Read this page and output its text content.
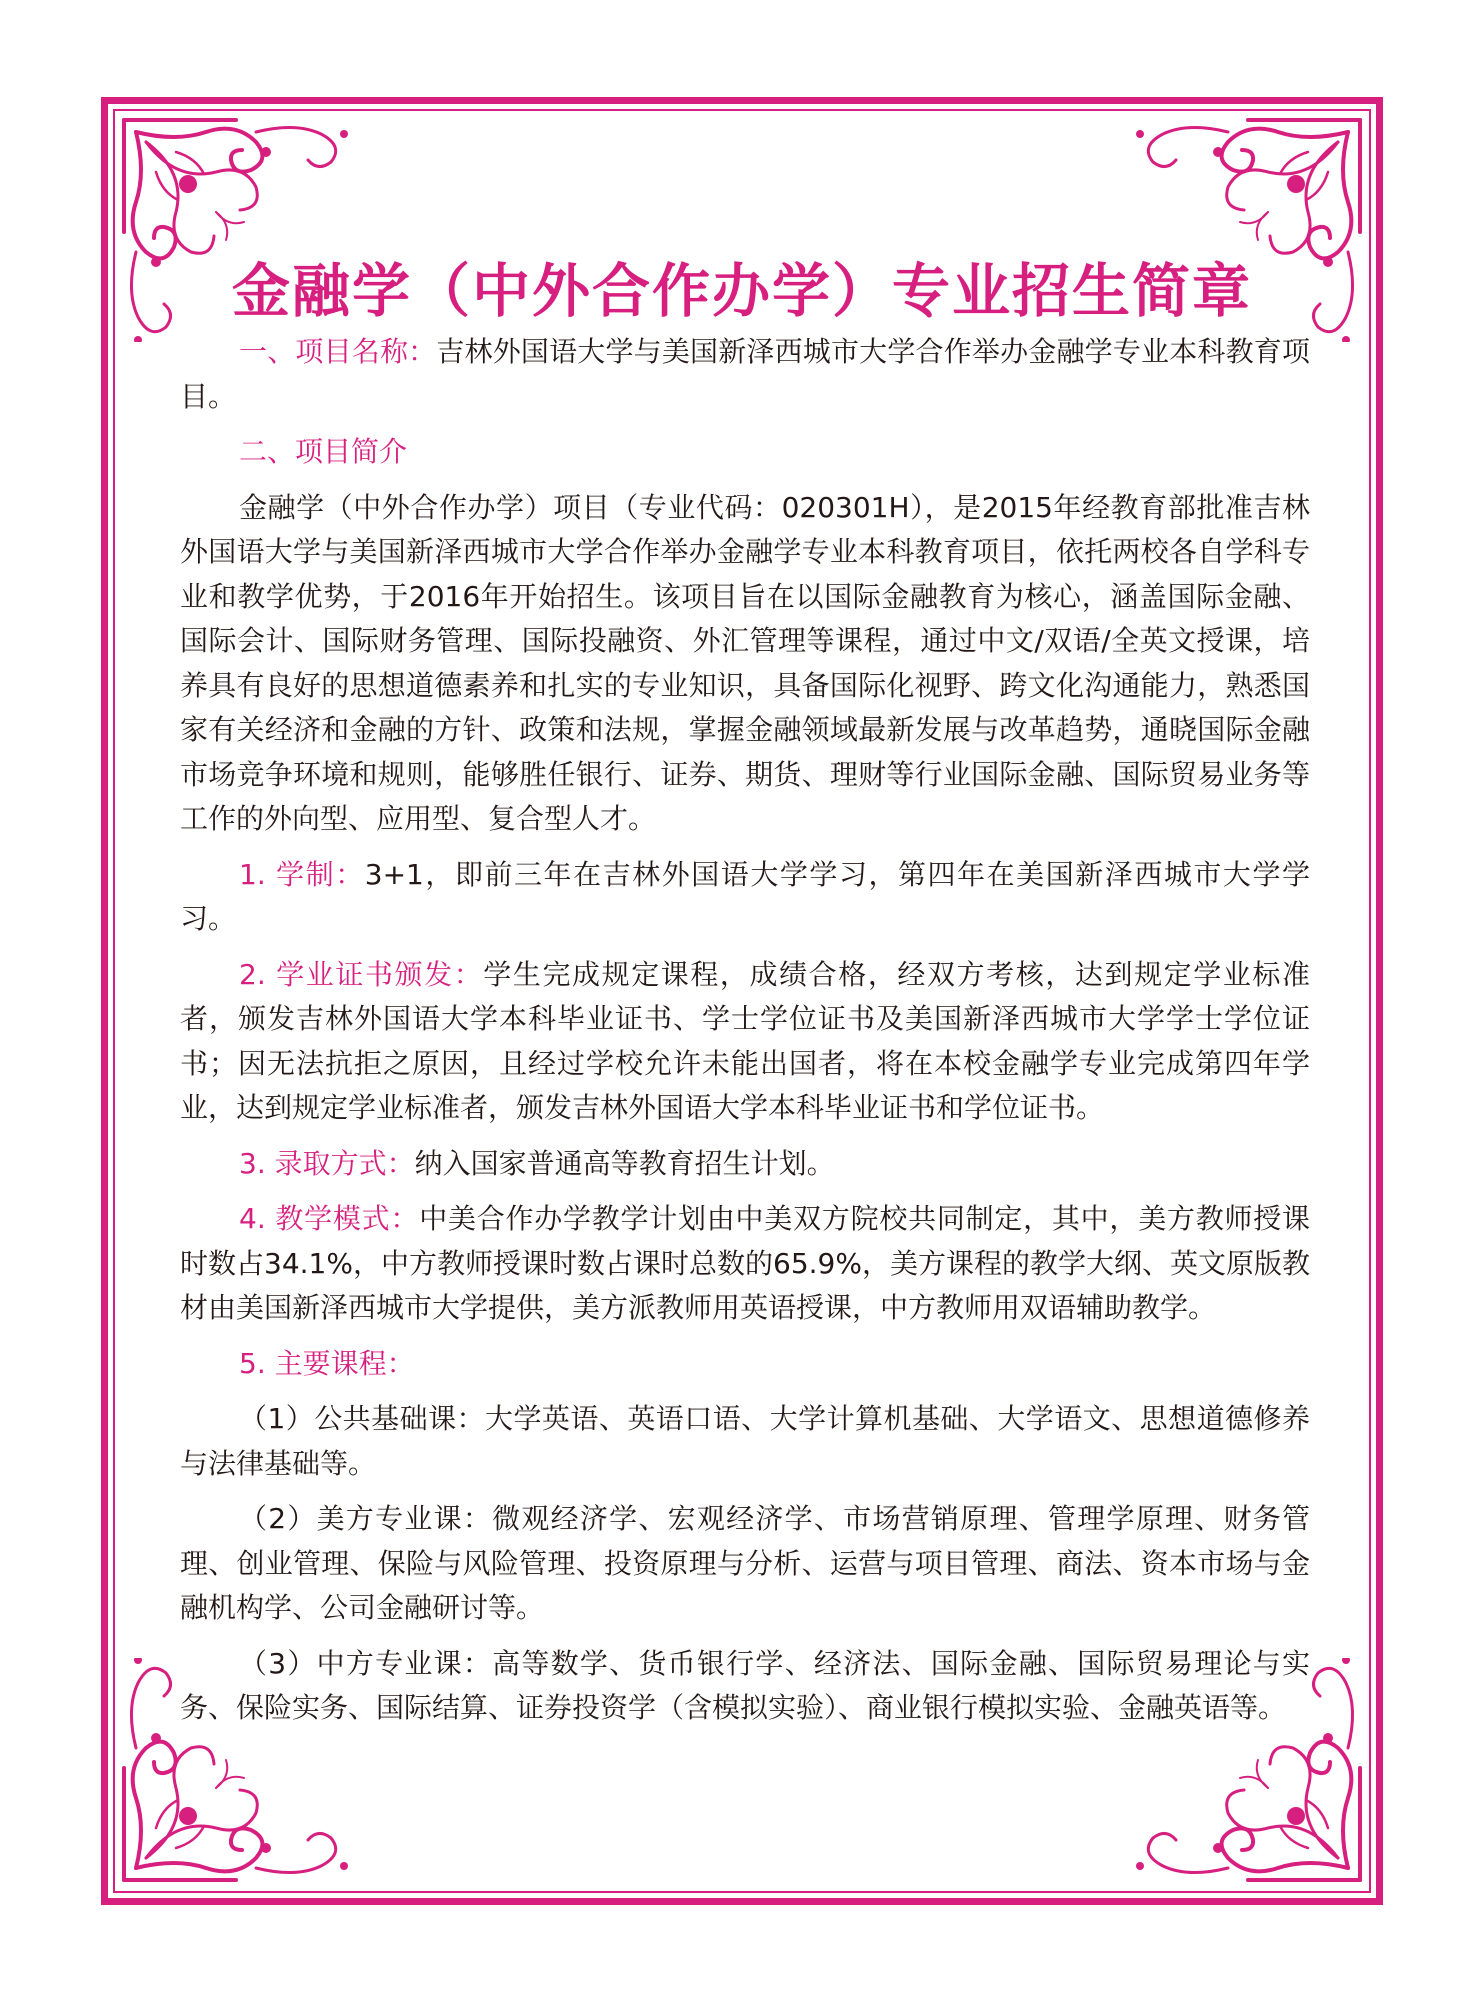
金融学（中外合作办学）专业招生简章

一、项目名称：吉林外国语大学与美国新泽西城市大学合作举办金融学专业本科教育项目。

二、项目简介

金融学（中外合作办学）项目（专业代码：020301H），是2015年经教育部批准吉林外国语大学与美国新泽西城市大学合作举办金融学专业本科教育项目，依托两校各自学科专业和教学优势，于2016年开始招生。该项目旨在以国际金融教育为核心，涵盖国际金融、国际会计、国际财务管理、国际投融资、外汇管理等课程，通过中文/双语/全英文授课，培养具有良好的思想道德素养和扎实的专业知识，具备国际化视野、跨文化沟通能力，熟悉国家有关经济和金融的方针、政策和法规，掌握金融领域最新发展与改革趋势，通晓国际金融市场竞争环境和规则，能够胜任银行、证券、期货、理财等行业国际金融、国际贸易业务等工作的外向型、应用型、复合型人才。

1. 学制：3+1，即前三年在吉林外国语大学学习，第四年在美国新泽西城市大学学习。

2. 学业证书颁发：学生完成规定课程，成绩合格，经双方考核，达到规定学业标准者，颁发吉林外国语大学本科毕业证书、学士学位证书及美国新泽西城市大学学士学位证书；因无法抗拒之原因，且经过学校允许未能出国者，将在本校金融学专业完成第四年学业，达到规定学业标准者，颁发吉林外国语大学本科毕业证书和学位证书。

3. 录取方式：纳入国家普通高等教育招生计划。

4. 教学模式：中美合作办学教学计划由中美双方院校共同制定，其中，美方教师授课时数占34.1%，中方教师授课时数占课时总数的65.9%，美方课程的教学大纲、英文原版教材由美国新泽西城市大学提供，美方派教师用英语授课，中方教师用双语辅助教学。

5. 主要课程：

（1）公共基础课：大学英语、英语口语、大学计算机基础、大学语文、思想道德修养与法律基础等。

（2）美方专业课：微观经济学、宏观经济学、市场营销原理、管理学原理、财务管理、创业管理、保险与风险管理、投资原理与分析、运营与项目管理、商法、资本市场与金融机构学、公司金融研讨等。

（3）中方专业课：高等数学、货币银行学、经济法、国际金融、国际贸易理论与实务、保险实务、国际结算、证券投资学（含模拟实验）、商业银行模拟实验、金融英语等。
